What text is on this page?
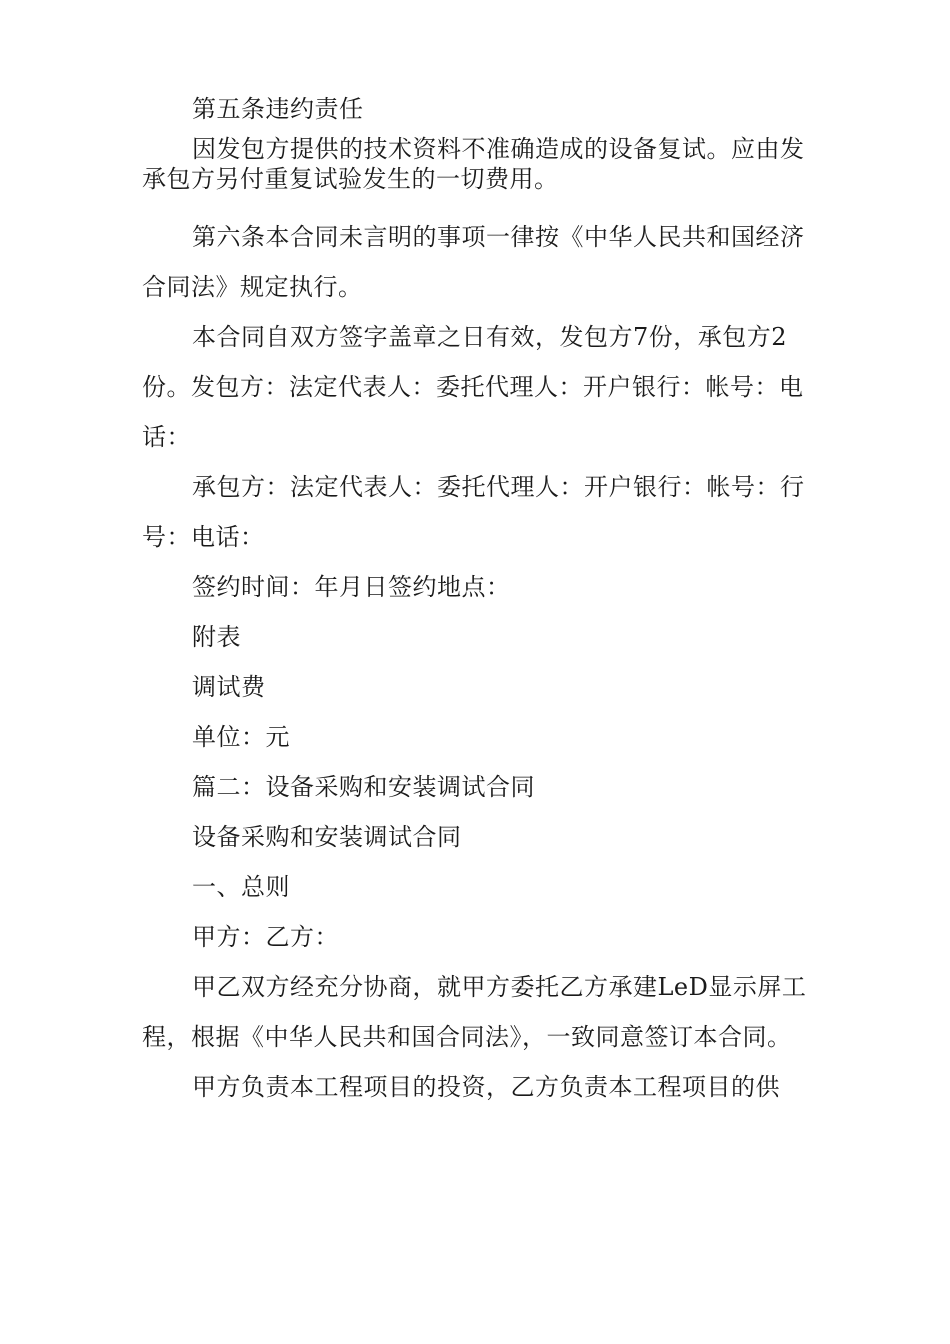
第五条违约责任

因发包方提供的技术资料不准确造成的设备复试。应由发承包方另付重复试验发生的一切费用。

第六条本合同未言明的事项一律按《中华人民共和国经济合同法》规定执行。

本合同自双方签字盖章之日有效，发包方7份，承包方2份。发包方：法定代表人：委托代理人：开户银行：帐号：电话：

承包方：法定代表人：委托代理人：开户银行：帐号：行号：电话：

签约时间：年月日签约地点：

附表

调试费

单位：元

篇二：设备采购和安装调试合同

设备采购和安装调试合同

一、总则

甲方：乙方：

甲乙双方经充分协商，就甲方委托乙方承建LeD显示屏工程，根据《中华人民共和国合同法》，一致同意签订本合同。

甲方负责本工程项目的投资，乙方负责本工程项目的供
